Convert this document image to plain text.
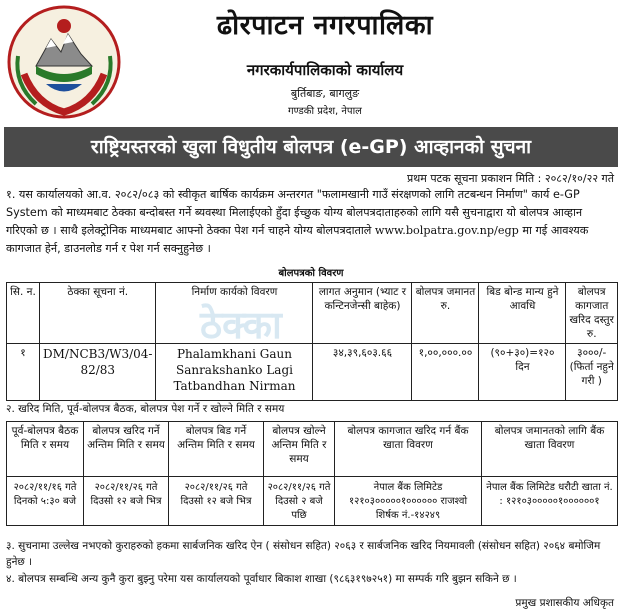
ढोरपाटन नगरपालिका
नगरकार्यपालिकाको कार्यालय
बुर्तिबाङ, बागलुङ
गण्डकी प्रदेश, नेपाल
राष्ट्रियस्तरको खुला विधुतीय बोलपत्र (e-GP) आव्हानको सुचना
प्रथम पटक सूचना प्रकाशन मिति : २०८२/१०/२२ गते

१. यस कार्यालयको आ.व. २०८२/०८३ को स्वीकृत बार्षिक कार्यक्रम अन्तरगत "फलामखानी गाउँ संरक्षणको लागि तटबन्धन निर्माण" कार्य e-GP System को माध्यमबाट ठेक्का बन्दोबस्त गर्ने ब्यवस्था मिलाईएको हुँदा ईच्छुक योग्य बोलपत्रदाताहरुको लागि यसै सुचनाद्वारा यो बोलपत्र आव्हान गरिएको छ । साथै इलेक्ट्रोनिक माध्यमबाट आफ्नो ठेक्का पेश गर्न चाहने योग्य बोलपत्रदाताले www.bolpatra.gov.np/egp मा गई आवश्यक कागजात हेर्न, डाउनलोड गर्न र पेश गर्न सक्नुहुनेछ ।

बोलपत्रको विवरण
ठेक्का
सि. न.	ठेक्का सूचना नं.	निर्माण कार्यको विवरण	लागत अनुमान (भ्याट र कन्टिनजेन्सी बाहेक)	बोलपत्र जमानत रु.	बिड बोन्ड मान्य हुने आवधि	बोलपत्र कागजात खरिद दस्तुर रु.
१	DM/NCB3/W3/04-82/83	Phalamkhani Gaun Sanrakshanko Lagi Tatbandhan Nirman	३४,३९,६०३.६६	१,००,०००.००	(९०+३०)=१२० दिन	३०००/-(फिर्ता नहुने गरी )
२. खरिद मिति, पूर्व-बोलपत्र बैठक, बोलपत्र पेश गर्ने र खोल्ने मिति र समय
पूर्व-बोलपत्र बैठक मिति र समय	बोलपत्र खरिद गर्ने अन्तिम मिति र समय	बोलपत्र बिड गर्ने अन्तिम मिति र समय	बोलपत्र खोल्ने अन्तिम मिति र समय	बोलपत्र कागजात खरिद गर्न बैंक खाता विवरण	बोलपत्र जमानतको लागि बैंक खाता विवरण
२०८२/११/१६ गते दिनको ५:३० बजे	२०८२/११/२६ गते दिउसो १२ बजे भित्र	२०८२/११/२६ गते दिउसो १२ बजे भित्र	२०८२/११/२६ गते दिउसो २ बजे पछि	नेपाल बैंक लिमिटेड १२१०३०००००१०००००० राजश्वो शिर्षक नं.-१४२४९	नेपाल बैंक लिमिटेड धरौटी खाता नं. : १२१०३०००००१००००००१

३. सुचनामा उल्लेख नभएको कुराहरुको हकमा सार्बजनिक खरिद ऐन ( संसोधन सहित) २०६३ र सार्बजनिक खरिद नियमावली (संसोधन सहित) २०६४ बमोजिम हुनेछ ।

४. बोलपत्र सम्बन्धि अन्य कुनै कुरा बुझ्नु परेमा यस कार्यालयको पूर्वाधार बिकाश शाखा (९८६३१९७२५१) मा सम्पर्क गरि बुझन सकिने छ ।
प्रमुख प्रशासकीय अधिकृत
